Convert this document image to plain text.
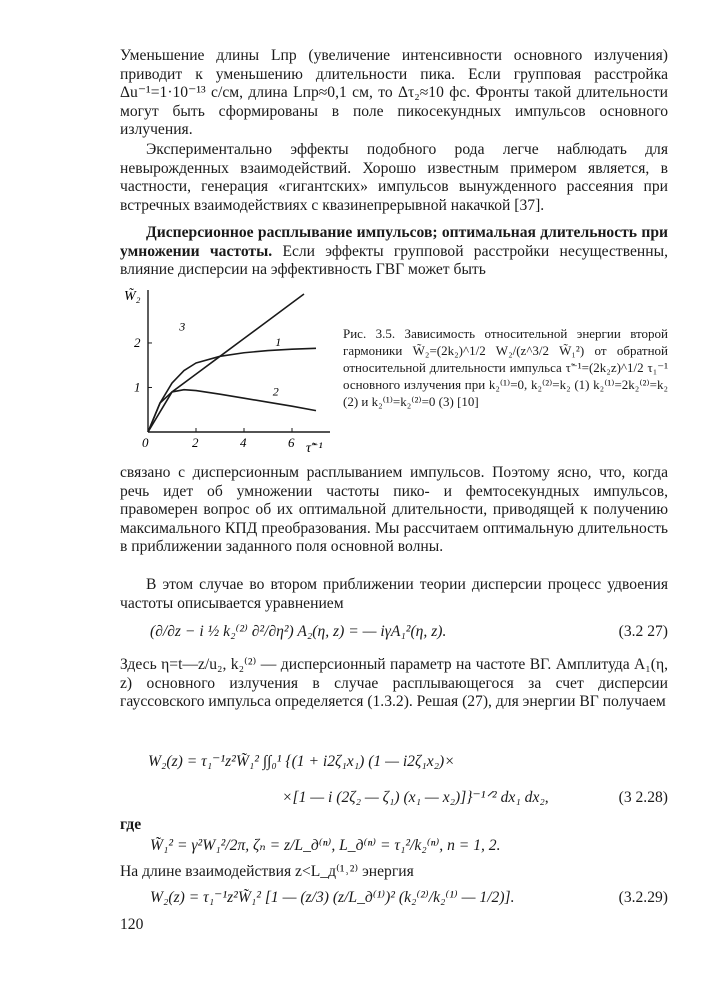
Уменьшение длины Lпр (увеличение интенсивности основного излучения) приводит к уменьшению длительности пика. Если групповая расстройка Δu⁻¹=1·10⁻¹³ с/см, длина Lпр≈0,1 см, то Δτ₂≈10 фс. Фронты такой длительности могут быть сформированы в поле пикосекундных импульсов основного излучения.

Экспериментально эффекты подобного рода легче наблюдать для невырожденных взаимодействий. Хорошо известным примером является, в частности, генерация «гигантских» импульсов вынужденного рассеяния при встречных взаимодействиях с квазинепрерывной накачкой [37].

Дисперсионное расплывание импульсов; оптимальная длительность при умножении частоты. Если эффекты групповой расстройки несущественны, влияние дисперсии на эффективность ГВГ может быть

W̃₂
τ̃⁻¹
0	2	4	6
1
2	1
2
3	Рис. 3.5. Зависимость относительной энергии второй гармоники W̃₂=(2k₂)^1/2 W₂/(z^3/2 W̃₁²) от обратной относительной длительности импульса τ̃⁻¹=(2k₂z)^1/2 τ₁⁻¹ основного излучения при k₂⁽¹⁾=0, k₂⁽²⁾=k₂ (1) k₂⁽¹⁾=2k₂⁽²⁾=k₂ (2) и k₂⁽¹⁾=k₂⁽²⁾=0 (3) [10]

связано с дисперсионным расплыванием импульсов. Поэтому ясно, что, когда речь идет об умножении частоты пико- и фемтосекундных импульсов, правомерен вопрос об их оптимальной длительности, приводящей к получению максимального КПД преобразования. Мы рассчитаем оптимальную длительность в приближении заданного поля основной волны.

В этом случае во втором приближении теории дисперсии процесс удвоения частоты описывается уравнением

(∂/∂z − i ½ k₂⁽²⁾ ∂²/∂η²) A₂(η, z) = — iγA₁²(η, z).	(3.2 27)

Здесь η=t—z/u₂, k₂⁽²⁾ — дисперсионный параметр на частоте ВГ. Амплитуда A₁(η, z) основного излучения в случае расплывающегося за счет дисперсии гауссовского импульса определяется (1.3.2). Решая (27), для энергии ВГ получаем

W₂(z) = τ₁⁻¹z²W̃₁² ∫∫₀¹ {(1 + i2ζ₁x₁) (1 — i2ζ₁x₂)×
×[1 — i (2ζ₂ — ζ₁) (x₁ — x₂)]}⁻¹ᐟ² dx₁ dx₂,	(3 2.28)
где
W̃₁² = γ²W₁²/2π, ζₙ = z/L_д⁽ⁿ⁾, L_д⁽ⁿ⁾ = τ₁²/k₂⁽ⁿ⁾, n = 1, 2.
На длине взаимодействия z<L_д⁽¹˒²⁾ энергия
W₂(z) = τ₁⁻¹z²W̃₁² [1 — (z/3) (z/L_д⁽¹⁾)² (k₂⁽²⁾/k₂⁽¹⁾ — 1/2)].	(3.2.29)
120
